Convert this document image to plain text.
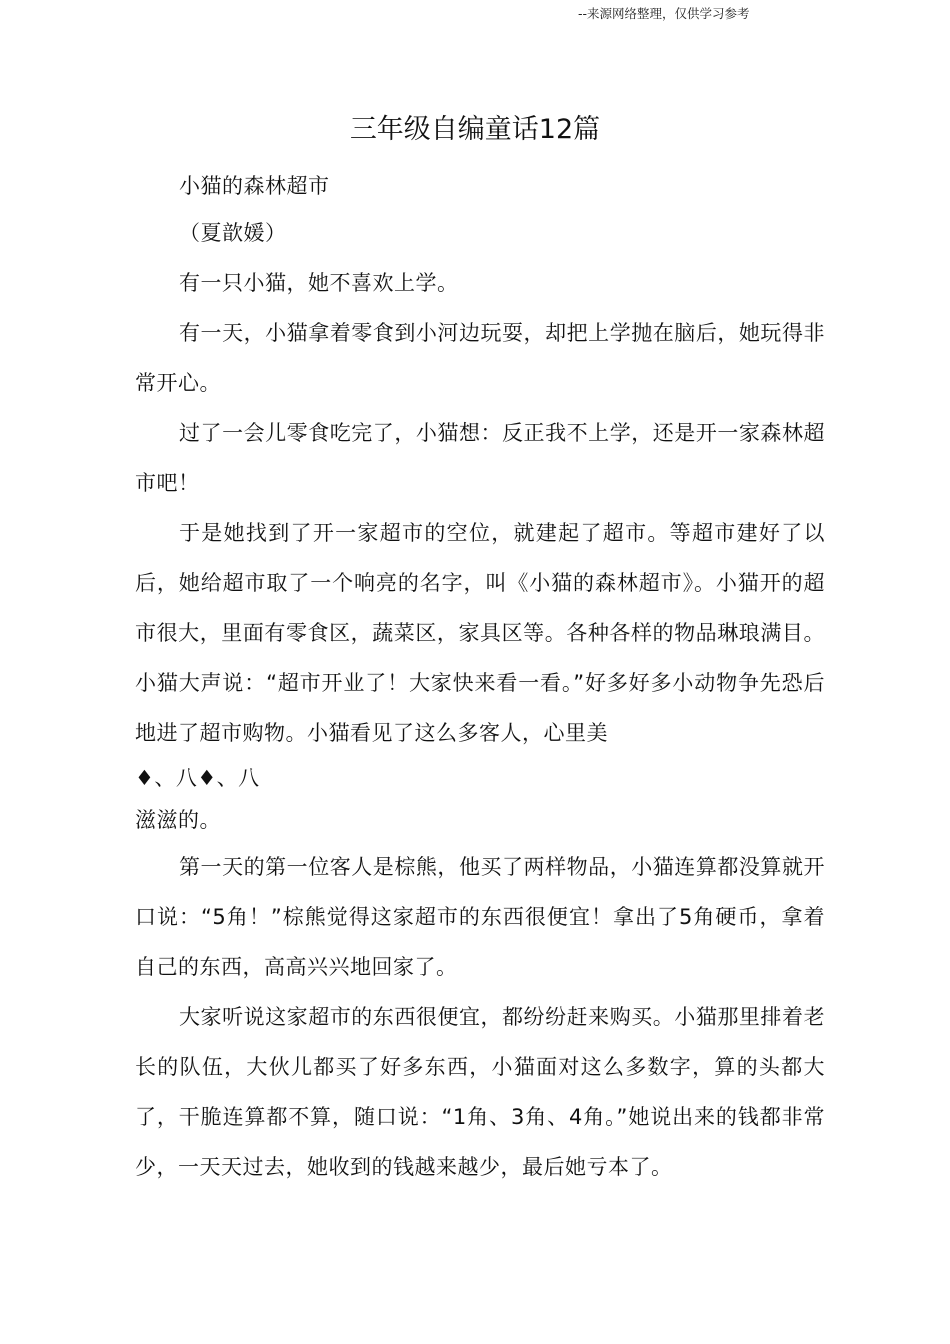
--来源网络整理，仅供学习参考
三年级自编童话12篇

小猫的森林超市

（夏歆媛）

有一只小猫，她不喜欢上学。

有一天，小猫拿着零食到小河边玩耍，却把上学抛在脑后，她玩得非常开心。

过了一会儿零食吃完了，小猫想：反正我不上学，还是开一家森林超市吧！

于是她找到了开一家超市的空位，就建起了超市。等超市建好了以后，她给超市取了一个响亮的名字，叫《小猫的森林超市》。小猫开的超市很大，里面有零食区，蔬菜区，家具区等。各种各样的物品琳琅满目。小猫大声说：“超市开业了！大家快来看一看。”好多好多小动物争先恐后地进了超市购物。小猫看见了这么多客人，心里美

♦、八♦、八

滋滋的。

第一天的第一位客人是棕熊，他买了两样物品，小猫连算都没算就开口说：“5角！”棕熊觉得这家超市的东西很便宜！拿出了5角硬币，拿着自己的东西，高高兴兴地回家了。

大家听说这家超市的东西很便宜，都纷纷赶来购买。小猫那里排着老长的队伍，大伙儿都买了好多东西，小猫面对这么多数字，算的头都大了，干脆连算都不算，随口说：“1角、3角、4角。”她说出来的钱都非常少，一天天过去，她收到的钱越来越少，最后她亏本了。
